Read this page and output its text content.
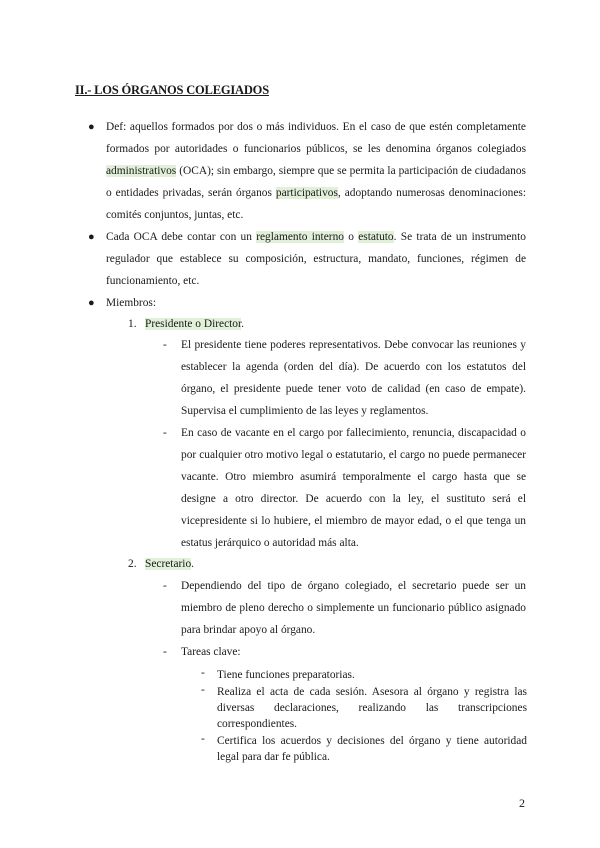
II.- LOS ÓRGANOS COLEGIADOS
● Def: aquellos formados por dos o más individuos. En el caso de que estén completamente formados por autoridades o funcionarios públicos, se les denomina órganos colegiados administrativos (OCA); sin embargo, siempre que se permita la participación de ciudadanos o entidades privadas, serán órganos participativos, adoptando numerosas denominaciones: comités conjuntos, juntas, etc.
● Cada OCA debe contar con un reglamento interno o estatuto. Se trata de un instrumento regulador que establece su composición, estructura, mandato, funciones, régimen de funcionamiento, etc.
● Miembros:
1. Presidente o Director.
- El presidente tiene poderes representativos. Debe convocar las reuniones y establecer la agenda (orden del día). De acuerdo con los estatutos del órgano, el presidente puede tener voto de calidad (en caso de empate). Supervisa el cumplimiento de las leyes y reglamentos.
- En caso de vacante en el cargo por fallecimiento, renuncia, discapacidad o por cualquier otro motivo legal o estatutario, el cargo no puede permanecer vacante. Otro miembro asumirá temporalmente el cargo hasta que se designe a otro director. De acuerdo con la ley, el sustituto será el vicepresidente si lo hubiere, el miembro de mayor edad, o el que tenga un estatus jerárquico o autoridad más alta.
2. Secretario.
- Dependiendo del tipo de órgano colegiado, el secretario puede ser un miembro de pleno derecho o simplemente un funcionario público asignado para brindar apoyo al órgano.
- Tareas clave:
- Tiene funciones preparatorias.
- Realiza el acta de cada sesión. Asesora al órgano y registra las diversas declaraciones, realizando las transcripciones correspondientes.
- Certifica los acuerdos y decisiones del órgano y tiene autoridad legal para dar fe pública.
2
